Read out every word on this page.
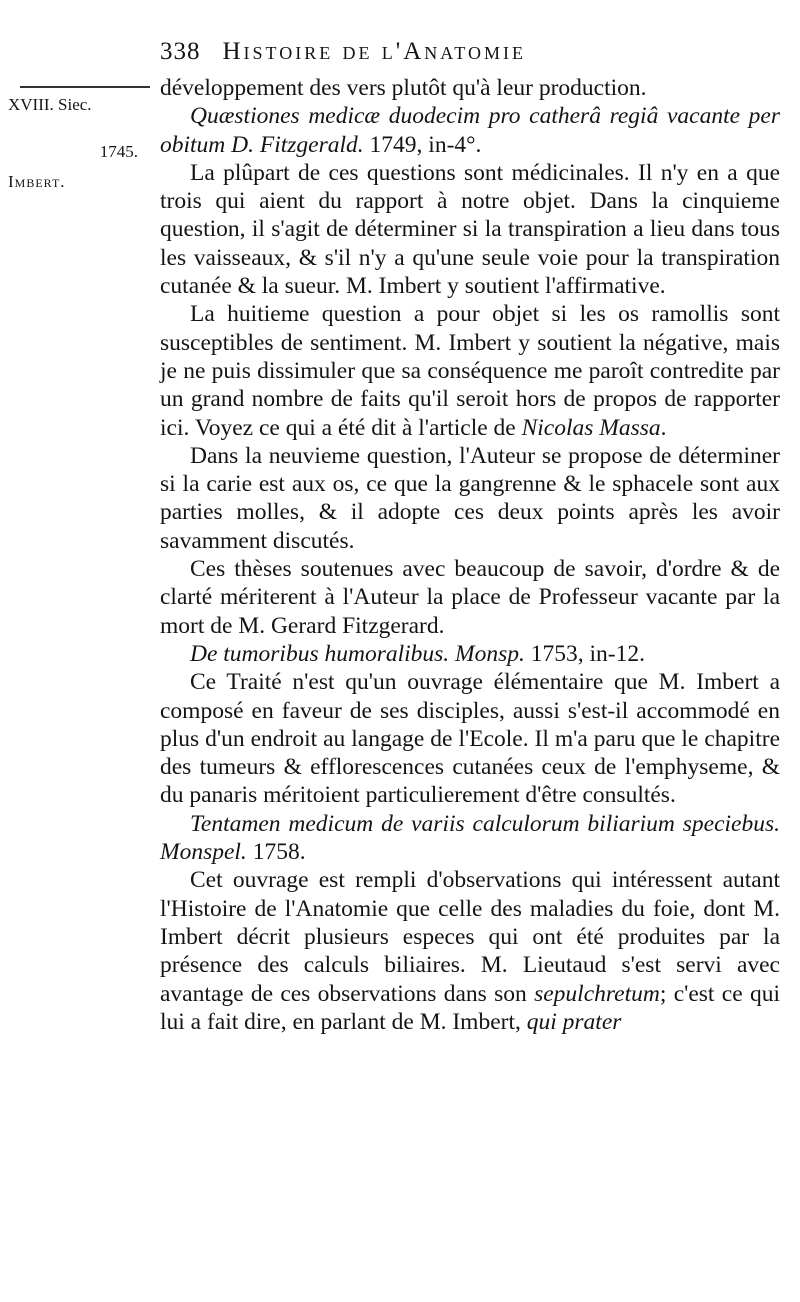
338 Histoire de l'Anatomie
XVIII. Siec.
1745.
Imbert.

développement des vers plutôt qu'à leur production.

Quæstiones medicæ duodecim pro catherâ regiâ vacante per obitum D. Fitzgerald. 1749, in-4°.

La plûpart de ces questions sont médicinales. Il n'y en a que trois qui aient du rapport à notre objet. Dans la cinquieme question, il s'agit de déterminer si la transpiration a lieu dans tous les vaisseaux, & s'il n'y a qu'une seule voie pour la transpiration cutanée & la sueur. M. Imbert y soutient l'affirmative.

La huitieme question a pour objet si les os ramollis sont susceptibles de sentiment. M. Imbert y soutient la négative, mais je ne puis dissimuler que sa conséquence me paroît contredite par un grand nombre de faits qu'il seroit hors de propos de rapporter ici. Voyez ce qui a été dit à l'article de Nicolas Massa.

Dans la neuvieme question, l'Auteur se propose de déterminer si la carie est aux os, ce que la gangrenne & le sphacele sont aux parties molles, & il adopte ces deux points après les avoir savamment discutés.

Ces thèses soutenues avec beaucoup de savoir, d'ordre & de clarté mériterent à l'Auteur la place de Professeur vacante par la mort de M. Gerard Fitzgerard.

De tumoribus humoralibus. Monsp. 1753, in-12.

Ce Traité n'est qu'un ouvrage élémentaire que M. Imbert a composé en faveur de ses disciples, aussi s'est-il accommodé en plus d'un endroit au langage de l'Ecole. Il m'a paru que le chapitre des tumeurs & efflorescences cutanées ceux de l'emphyseme, & du panaris méritoient particulierement d'être consultés.

Tentamen medicum de variis calculorum biliarium speciebus. Monspel. 1758.

Cet ouvrage est rempli d'observations qui intéressent autant l'Histoire de l'Anatomie que celle des maladies du foie, dont M. Imbert décrit plusieurs especes qui ont été produites par la présence des calculs biliaires. M. Lieutaud s'est servi avec avantage de ces observations dans son sepulchretum; c'est ce qui lui a fait dire, en parlant de M. Imbert, qui prater
